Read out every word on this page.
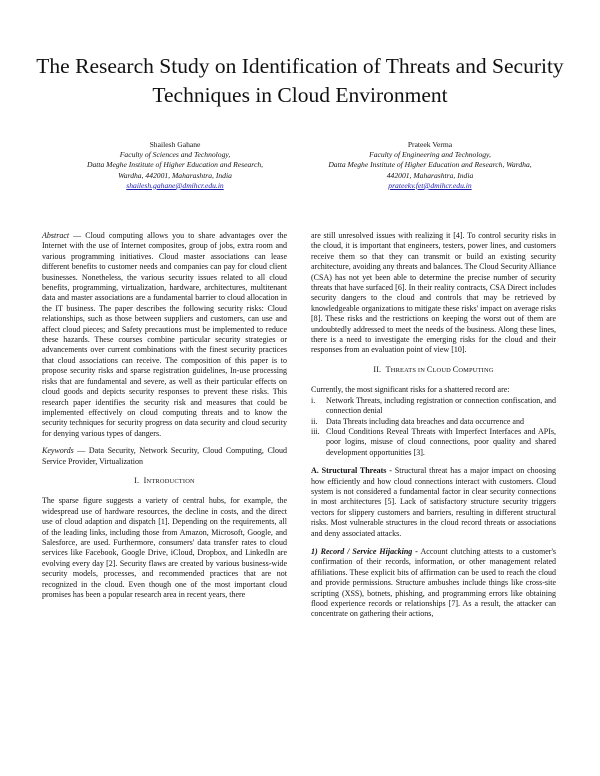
The Research Study on Identification of Threats and Security Techniques in Cloud Environment
Shailesh Gahane
Faculty of Sciences and Technology,
Datta Meghe Institute of Higher Education and Research,
Wardha, 442001, Maharashtra, India
shailesh.gahane@dmihcr.edu.in
Prateek Verma
Faculty of Engineering and Technology,
Datta Meghe Institute of Higher Education and Research, Wardha,
442001, Maharashtra, India
prateekv.fet@dmihcr.edu.in

Abstract — Cloud computing allows you to share advantages over the Internet with the use of Internet composites, group of jobs, extra room and various programming initiatives. Cloud master associations can lease different benefits to customer needs and companies can pay for cloud client businesses. Nonetheless, the various security issues related to all cloud benefits, programming, virtualization, hardware, architectures, multitenant data and master associations are a fundamental barrier to cloud allocation in the IT business. The paper describes the following security risks: Cloud relationships, such as those between suppliers and customers, can use and affect cloud pieces; and Safety precautions must be implemented to reduce these hazards. These courses combine particular security strategies or advancements over current combinations with the finest security practices that cloud associations can receive. The composition of this paper is to propose security risks and sparse registration guidelines, In-use processing risks that are fundamental and severe, as well as their particular effects on cloud goods and depicts security responses to prevent these risks. This research paper identifies the security risk and measures that could be implemented effectively on cloud computing threats and to know the security techniques for security progress on data security and cloud security for denying various types of dangers.

Keywords — Data Security, Network Security, Cloud Computing, Cloud Service Provider, Virtualization

I. INTRODUCTION

The sparse figure suggests a variety of central hubs, for example, the widespread use of hardware resources, the decline in costs, and the direct use of cloud adaption and dispatch [1]. Depending on the requirements, all of the leading links, including those from Amazon, Microsoft, Google, and Salesforce, are used. Furthermore, consumers' data transfer rates to cloud services like Facebook, Google Drive, iCloud, Dropbox, and LinkedIn are evolving every day [2]. Security flaws are created by various business-wide security models, processes, and recommended practices that are not recognized in the cloud. Even though one of the most important cloud promises has been a popular research area in recent years, there

are still unresolved issues with realizing it [4]. To control security risks in the cloud, it is important that engineers, testers, power lines, and customers receive them so that they can transmit or build an existing security architecture, avoiding any threats and balances. The Cloud Security Alliance (CSA) has not yet been able to determine the precise number of security threats that have surfaced [6]. In their reality contracts, CSA Direct includes security dangers to the cloud and controls that may be retrieved by knowledgeable organizations to mitigate these risks' impact on average risks [8]. These risks and the restrictions on keeping the worst out of them are undoubtedly addressed to meet the needs of the business. Along these lines, there is a need to investigate the emerging risks for the cloud and their responses from an evaluation point of view [10].

II. THREATS IN CLOUD COMPUTING

Currently, the most significant risks for a shattered record are:

i.	Network Threats, including registration or connection confiscation, and connection denial
ii.	Data Threats including data breaches and data occurrence and
iii. Cloud Conditions Reveal Threats with Imperfect Interfaces and APIs, poor logins, misuse of cloud connections, poor quality and shared development opportunities [3].

A. Structural Threats - Structural threat has a major impact on choosing how efficiently and how cloud connections interact with customers. Cloud system is not considered a fundamental factor in clear security connections in most architectures [5]. Lack of satisfactory structure security triggers vectors for slippery customers and barriers, resulting in different structural risks. Most vulnerable structures in the cloud record threats or associations and deny associated attacks.

1) Record / Service Hijacking - Account clutching attests to a customer's confirmation of their records, information, or other management related affiliations. These explicit bits of affirmation can be used to reach the cloud and provide permissions. Structure ambushes include things like cross-site scripting (XSS), botnets, phishing, and programming errors like obtaining flood experience records or relationships [7]. As a result, the attacker can concentrate on gathering their actions,
